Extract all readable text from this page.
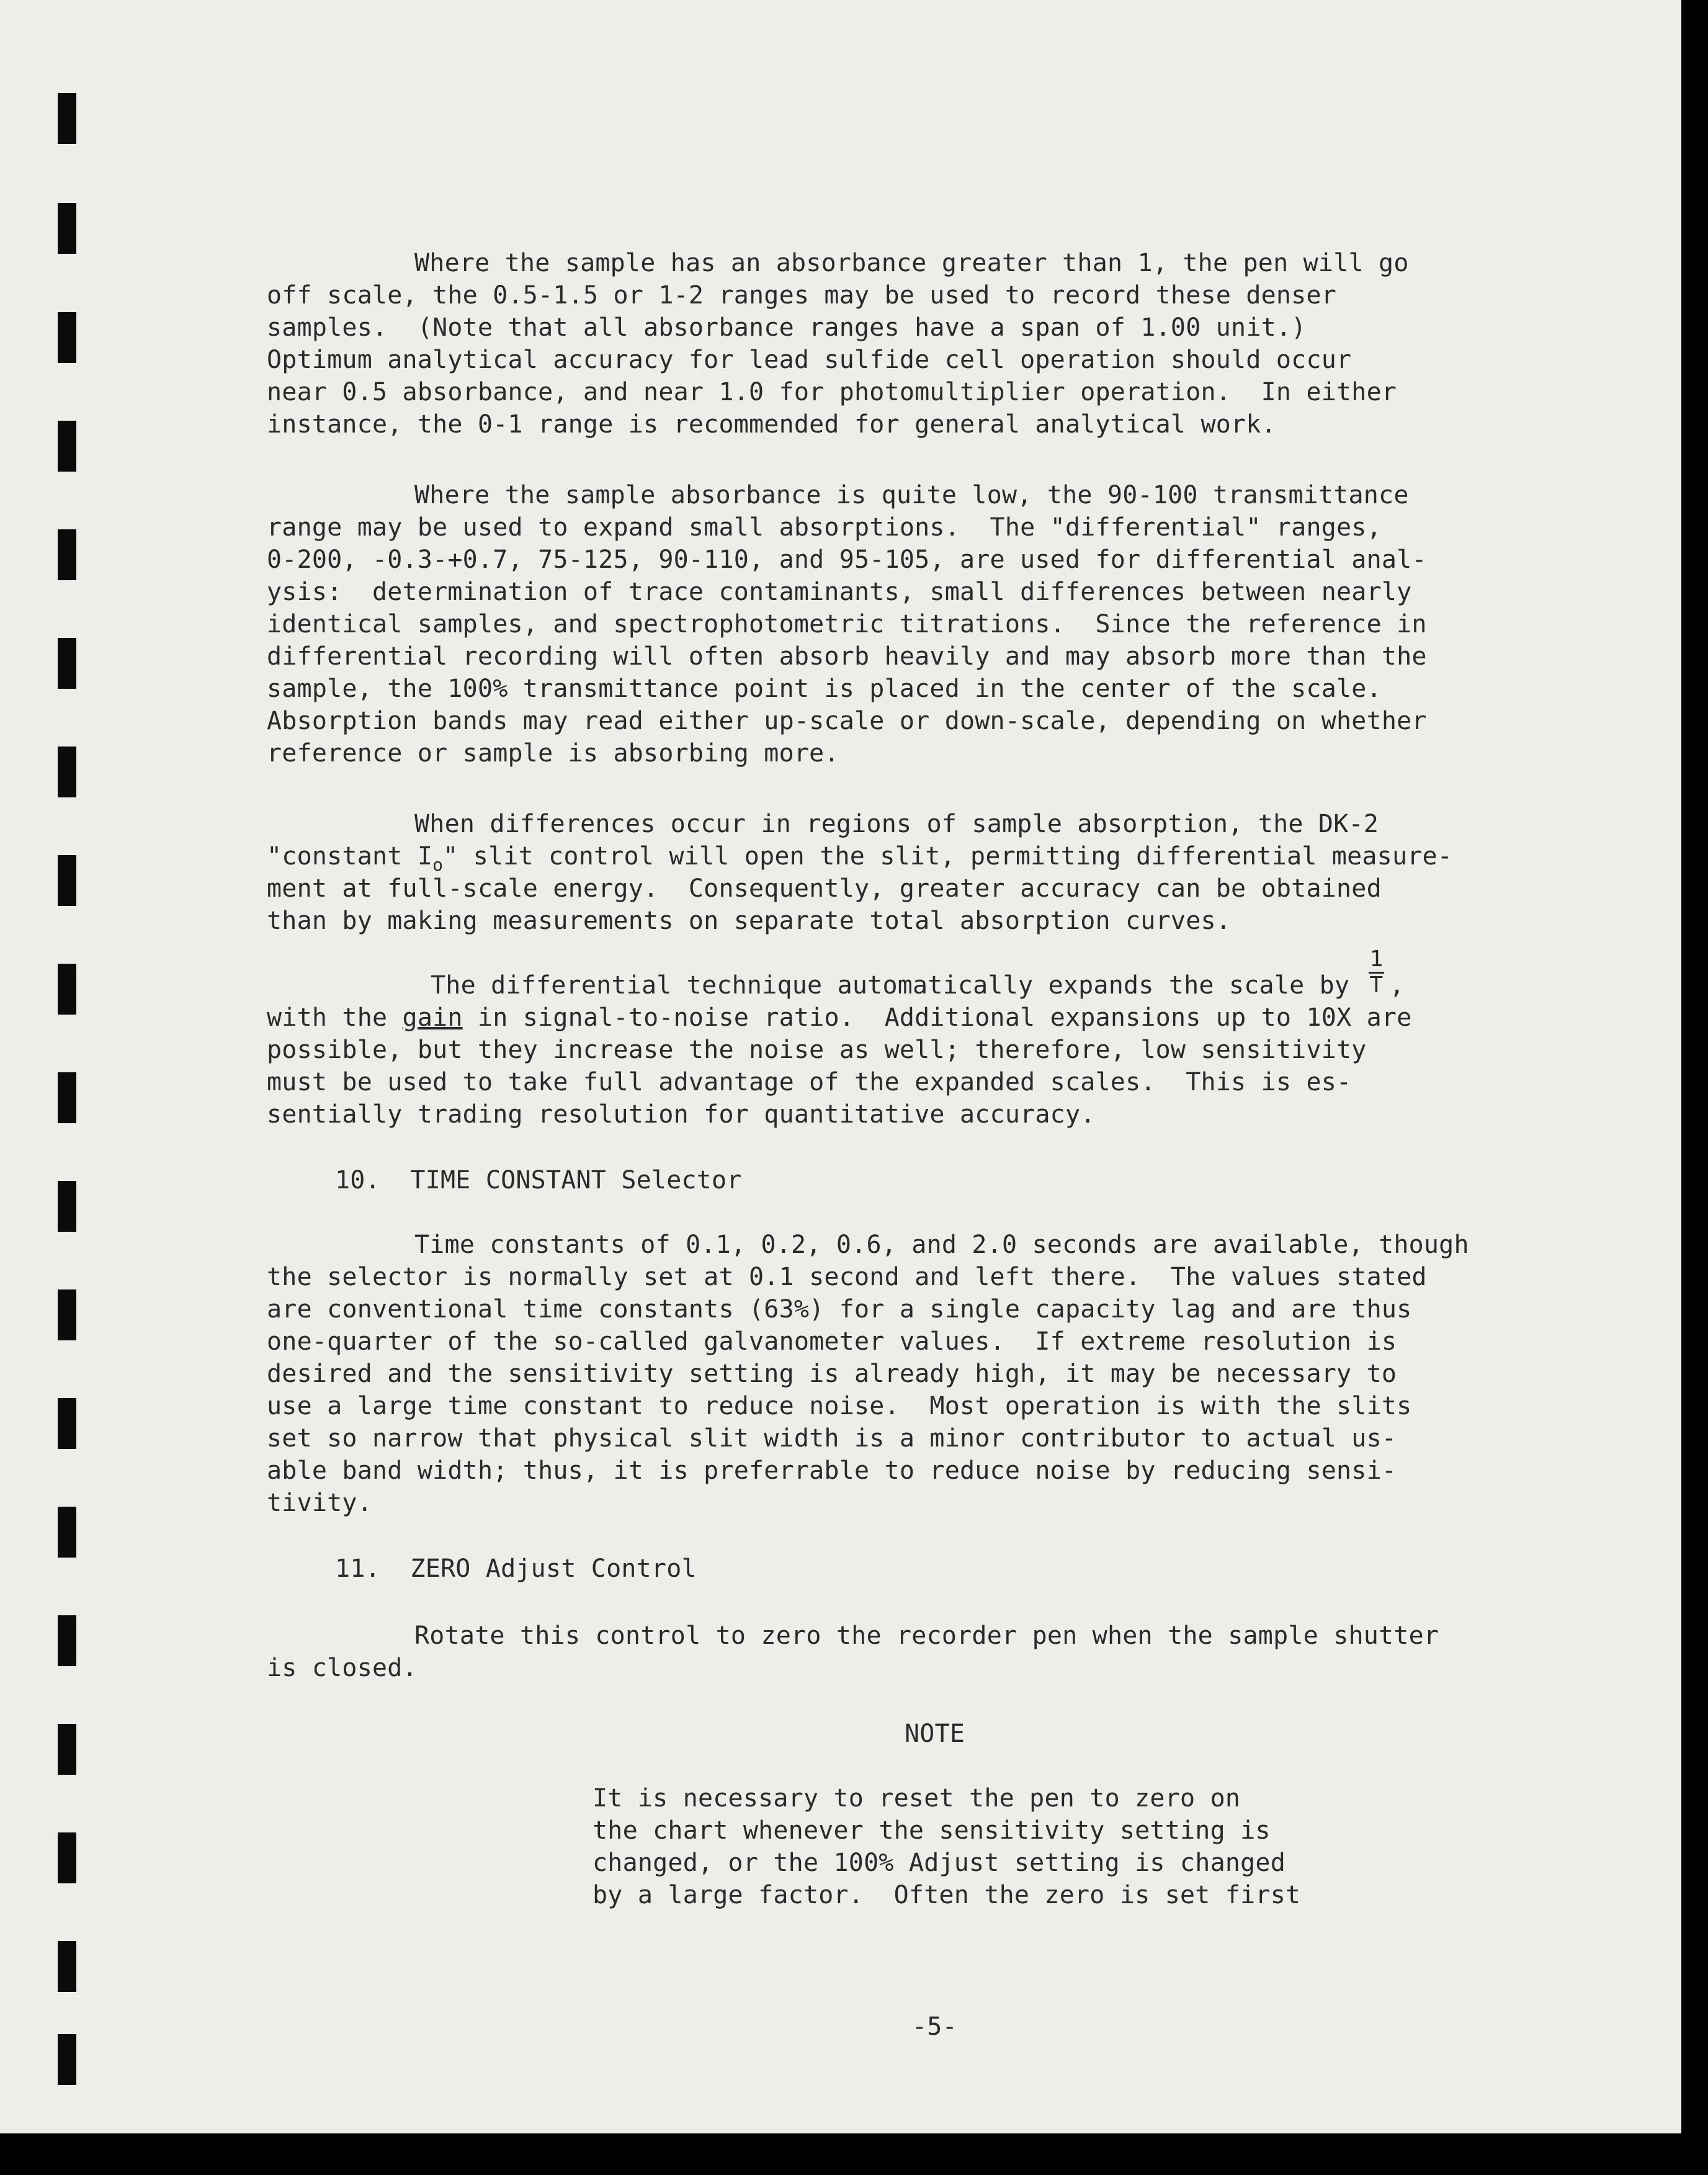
Where the sample has an absorbance greater than 1, the pen will go
off scale, the 0.5-1.5 or 1-2 ranges may be used to record these denser
samples.  (Note that all absorbance ranges have a span of 1.00 unit.)
Optimum analytical accuracy for lead sulfide cell operation should occur
near 0.5 absorbance, and near 1.0 for photomultiplier operation.  In either
instance, the 0-1 range is recommended for general analytical work.
Where the sample absorbance is quite low, the 90-100 transmittance
range may be used to expand small absorptions.  The "differential" ranges,
0-200, -0.3-+0.7, 75-125, 90-110, and 95-105, are used for differential anal-
ysis:  determination of trace contaminants, small differences between nearly
identical samples, and spectrophotometric titrations.  Since the reference in
differential recording will often absorb heavily and may absorb more than the
sample, the 100% transmittance point is placed in the center of the scale.
Absorption bands may read either up-scale or down-scale, depending on whether
reference or sample is absorbing more.
When differences occur in regions of sample absorption, the DK-2
"constant $I_o$" slit control will open the slit, permitting differential measure-
ment at full-scale energy.  Consequently, greater accuracy can be obtained
than by making measurements on separate total absorption curves.
The differential technique automatically expands the scale by $\frac{1}{T}$ ,
with the gain in signal-to-noise ratio.  Additional expansions up to 10X are
possible, but they increase the noise as well; therefore, low sensitivity
must be used to take full advantage of the expanded scales.  This is es-
sentially trading resolution for quantitative accuracy.
10.  TIME CONSTANT Selector
Time constants of 0.1, 0.2, 0.6, and 2.0 seconds are available, though
the selector is normally set at 0.1 second and left there.  The values stated
are conventional time constants (63%) for a single capacity lag and are thus
one-quarter of the so-called galvanometer values.  If extreme resolution is
desired and the sensitivity setting is already high, it may be necessary to
use a large time constant to reduce noise.  Most operation is with the slits
set so narrow that physical slit width is a minor contributor to actual us-
able band width; thus, it is preferrable to reduce noise by reducing sensi-
tivity.
11.  ZERO Adjust Control
Rotate this control to zero the recorder pen when the sample shutter
is closed.
NOTE
It is necessary to reset the pen to zero on
the chart whenever the sensitivity setting is
changed, or the 100% Adjust setting is changed
by a large factor.  Often the zero is set first
-5-
